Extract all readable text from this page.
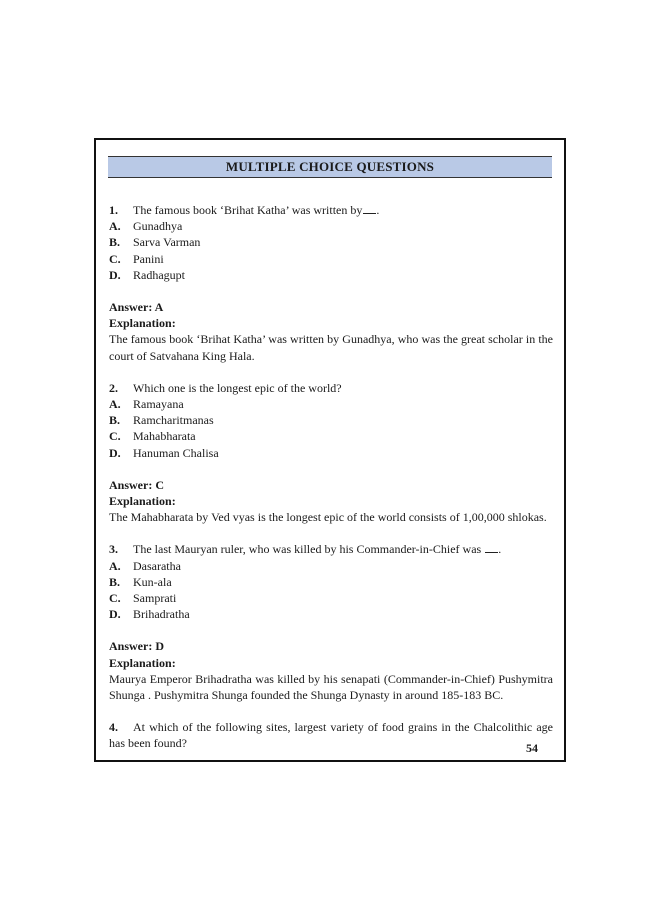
MULTIPLE CHOICE QUESTIONS
1.	The famous book ‘Brihat Katha’ was written by .
A.	Gunadhya
B.	Sarva Varman
C.	Panini
D.	Radhagupt
Answer: A
Explanation:
The famous book ‘Brihat Katha’ was written by Gunadhya, who was the great scholar in the court of Satvahana King Hala.
2.	Which one is the longest epic of the world?
A.	Ramayana
B.	Ramcharitmanas
C.	Mahabharata
D.	Hanuman Chalisa
Answer: C
Explanation:
The Mahabharata by Ved vyas is the longest epic of the world consists of 1,00,000 shlokas.
3.	The last Mauryan ruler, who was killed by his Commander-in-Chief was .
A.	Dasaratha
B.	Kun-ala
C.	Samprati
D.	Brihadratha
Answer: D
Explanation:
Maurya Emperor Brihadratha was killed by his senapati (Commander-in-Chief) Pushymitra Shunga . Pushymitra Shunga founded the Shunga Dynasty in around 185-183 BC.
4. At which of the following sites, largest variety of food grains in the Chalcolithic age has been found?	54
